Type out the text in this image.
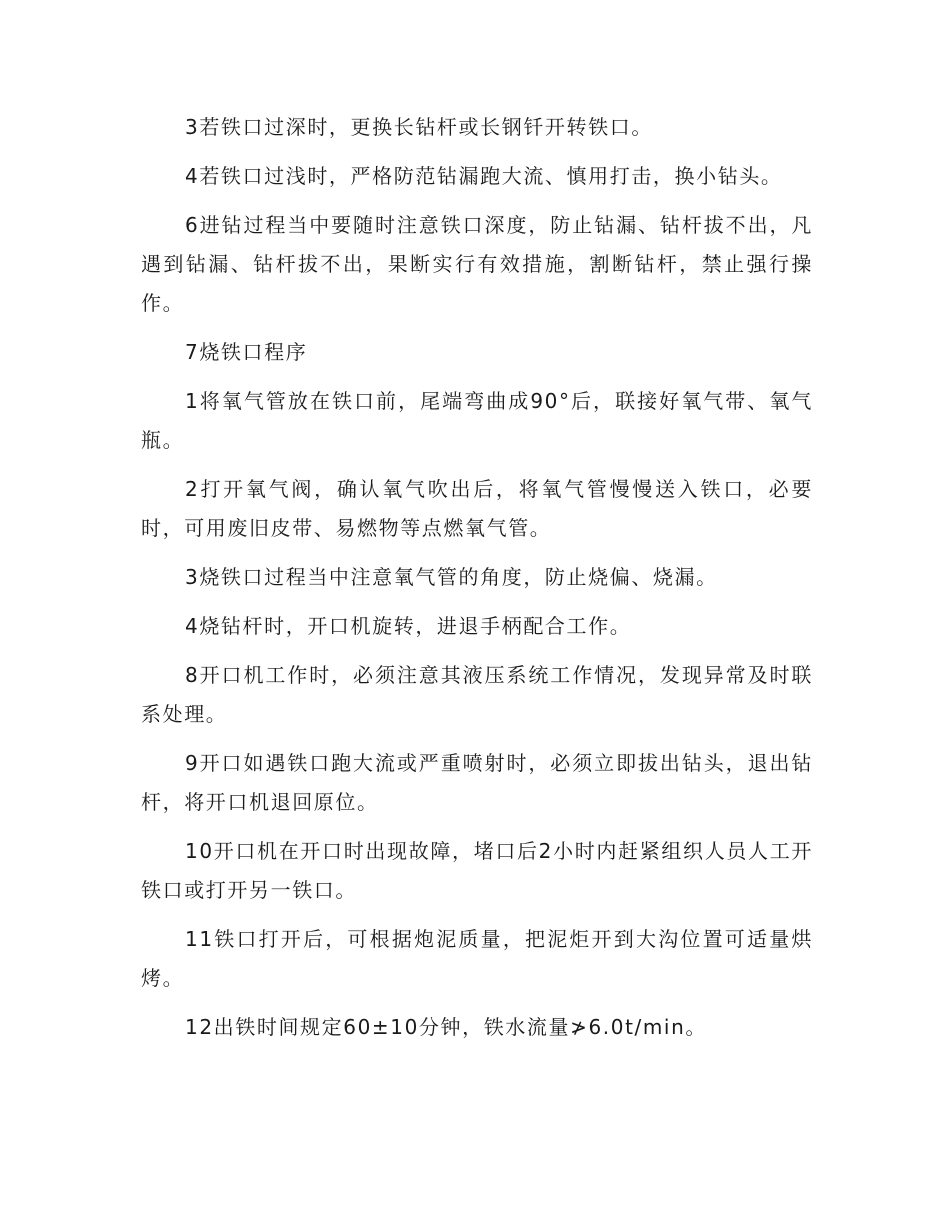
3若铁口过深时，更换长钻杆或长钢钎开转铁口。

4若铁口过浅时，严格防范钻漏跑大流、慎用打击，换小钻头。

6进钻过程当中要随时注意铁口深度，防止钻漏、钻杆拔不出，凡遇到钻漏、钻杆拔不出，果断实行有效措施，割断钻杆，禁止强行操作。

7烧铁口程序

1将氧气管放在铁口前，尾端弯曲成90°后，联接好氧气带、氧气瓶。

2打开氧气阀，确认氧气吹出后，将氧气管慢慢送入铁口，必要时，可用废旧皮带、易燃物等点燃氧气管。

3烧铁口过程当中注意氧气管的角度，防止烧偏、烧漏。

4烧钻杆时，开口机旋转，进退手柄配合工作。

8开口机工作时，必须注意其液压系统工作情况，发现异常及时联系处理。

9开口如遇铁口跑大流或严重喷射时，必须立即拔出钻头，退出钻杆，将开口机退回原位。

10开口机在开口时出现故障，堵口后2小时内赶紧组织人员人工开铁口或打开另一铁口。

11铁口打开后，可根据炮泥质量，把泥炬开到大沟位置可适量烘烤。

12出铁时间规定60±10分钟，铁水流量≯6.0t/min。
